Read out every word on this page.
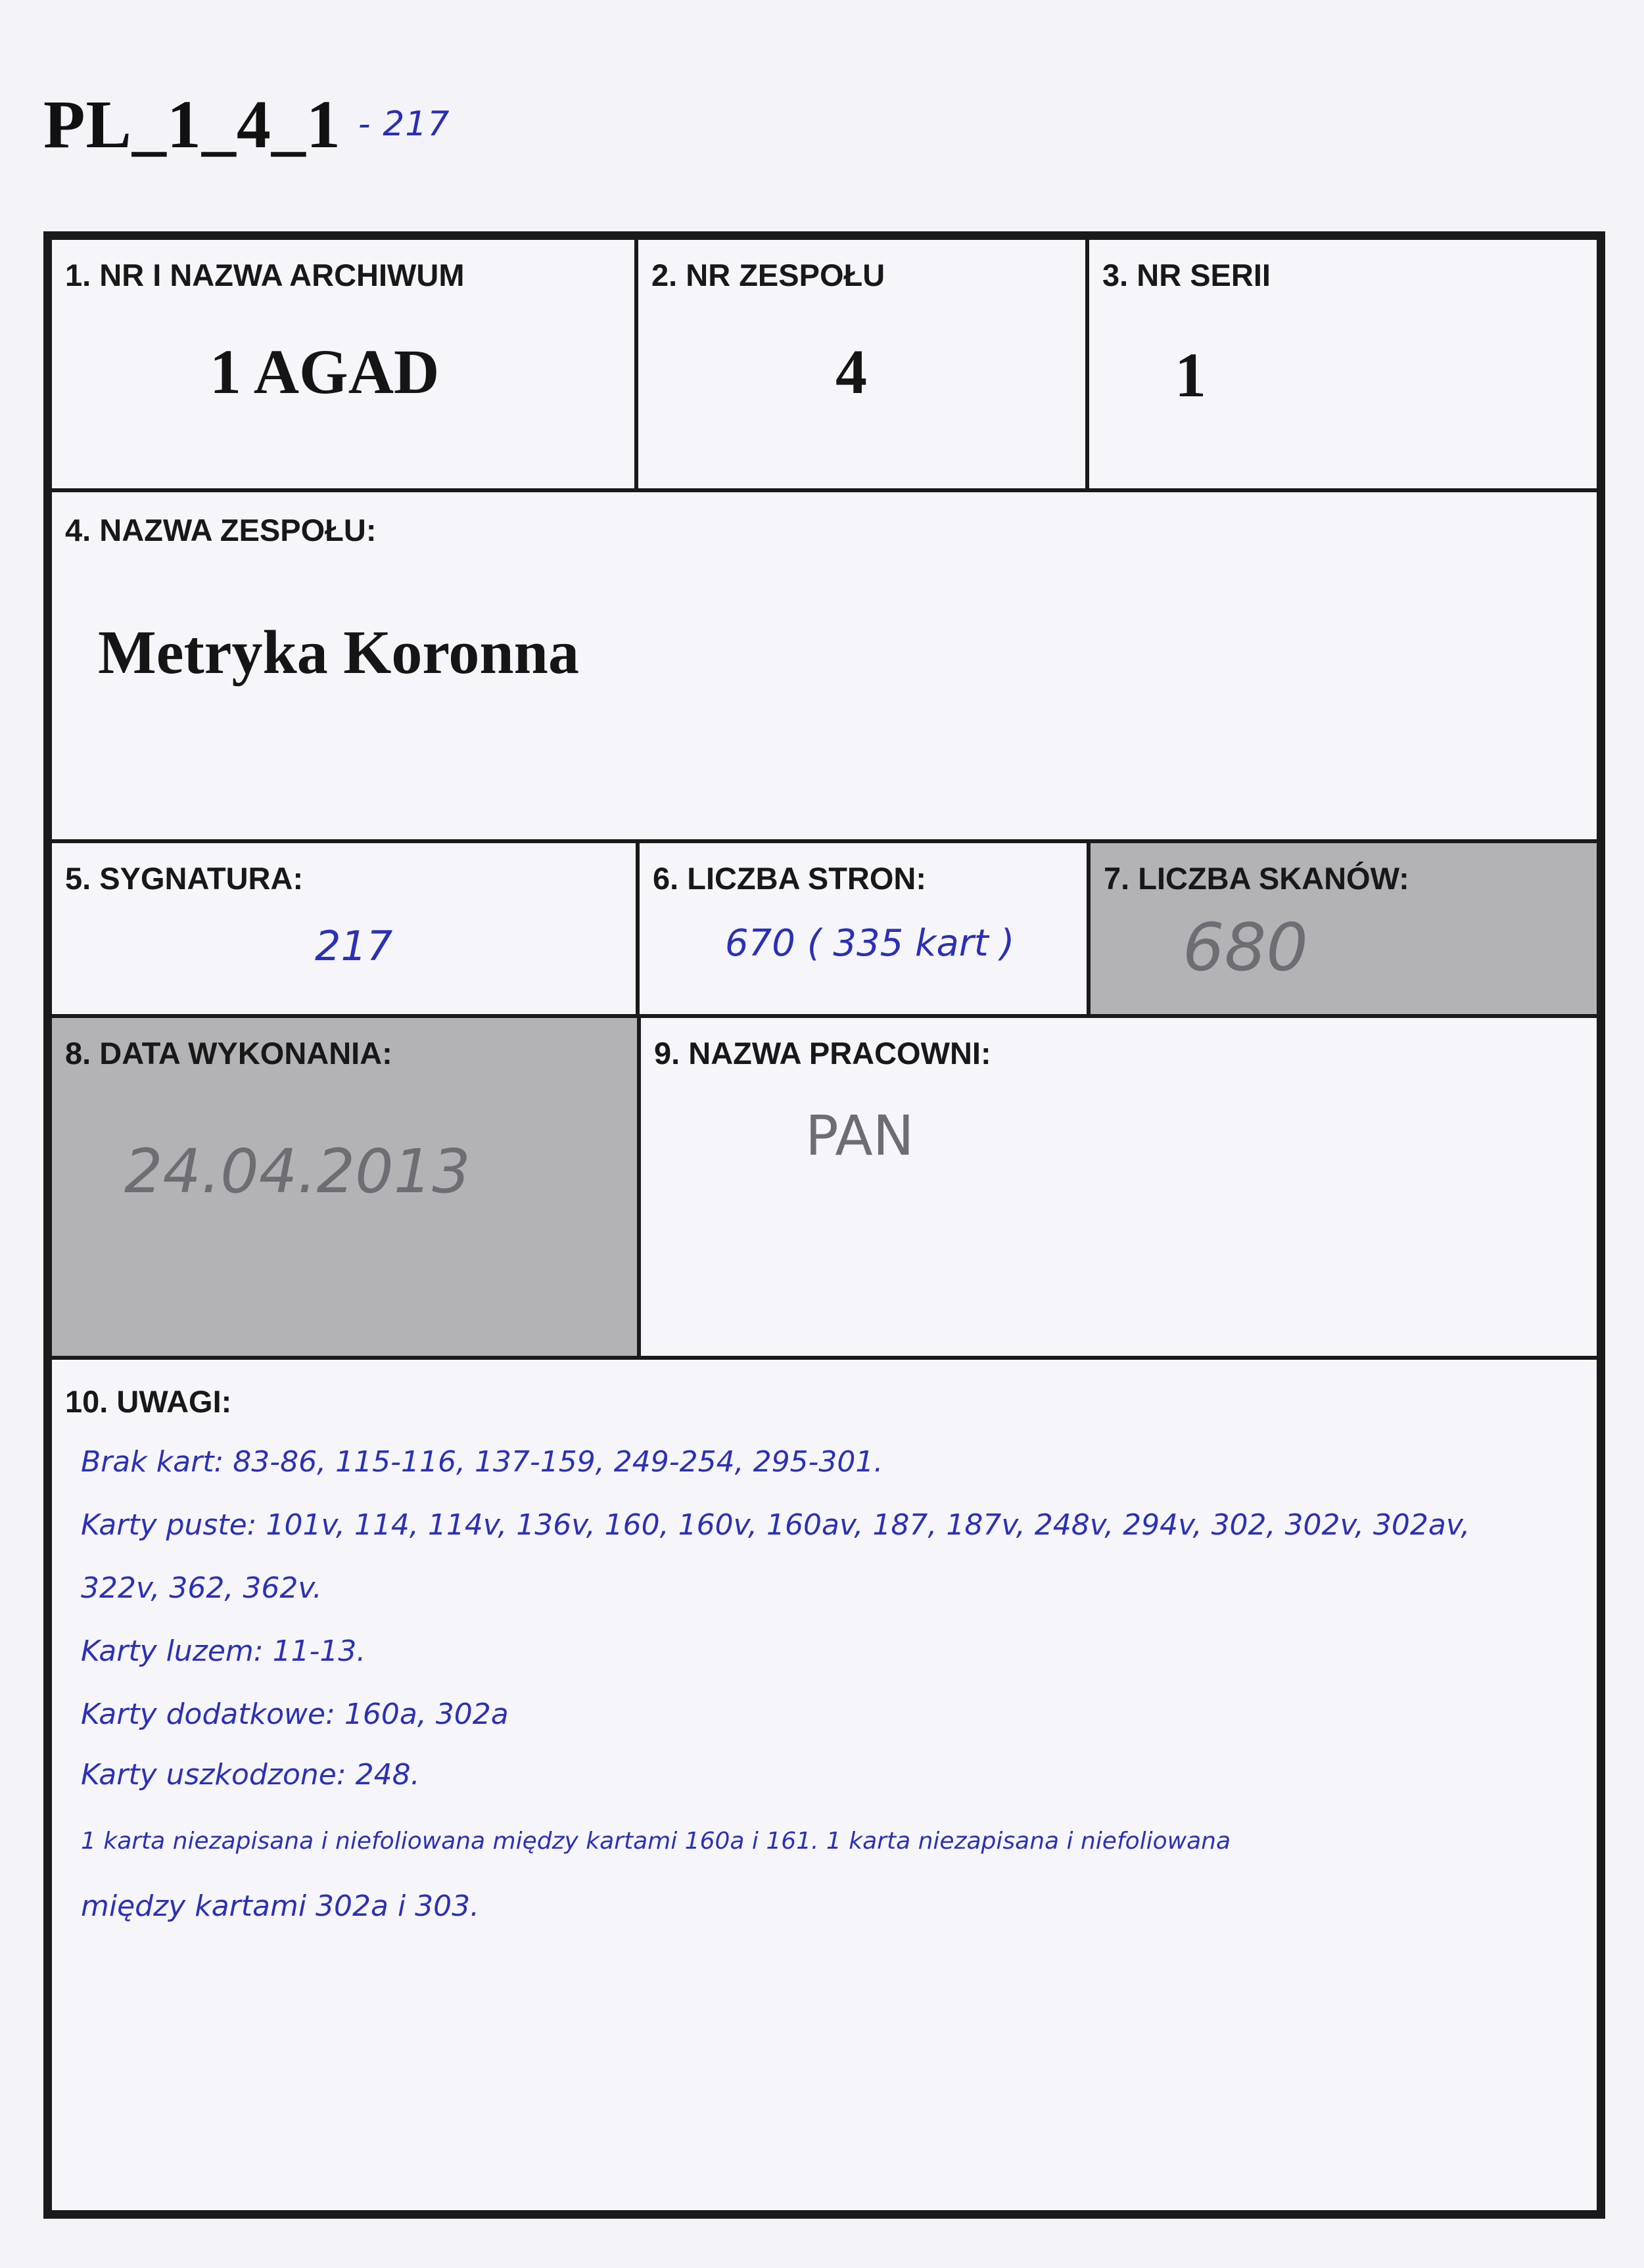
PL_1_4_1 - 217
1. NR I NAZWA ARCHIWUM
1 AGAD
2. NR ZESPOŁU
4
3. NR SERII
1
4. NAZWA ZESPOŁU:
Metryka Koronna
5. SYGNATURA:
217
6. LICZBA STRON:
670 ( 335 kart )
7. LICZBA SKANÓW:
680
8. DATA WYKONANIA:
24.04.2013
9. NAZWA PRACOWNI:
PAN
10. UWAGI:
Brak kart: 83-86, 115-116, 137-159, 249-254, 295-301.
Karty puste: 101v, 114, 114v, 136v, 160, 160v, 160av, 187, 187v, 248v, 294v, 302, 302v, 302av,
322v, 362, 362v.
Karty luzem: 11-13.
Karty dodatkowe: 160a, 302a
Karty uszkodzone: 248.
1 karta niezapisana i niefoliowana między kartami 160a i 161. 1 karta niezapisana i niefoliowana
między kartami 302a i 303.
